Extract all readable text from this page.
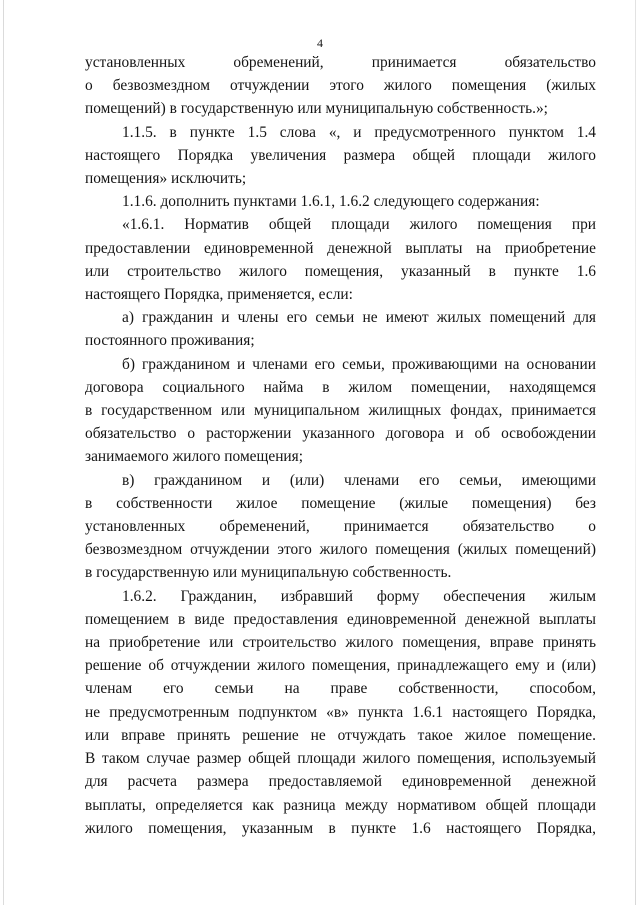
4
установленных обременений, принимается обязательство
о безвозмездном отчуждении этого жилого помещения (жилых
помещений) в государственную или муниципальную собственность.»;
1.1.5. в пункте 1.5 слова «, и предусмотренного пунктом 1.4
настоящего Порядка увеличения размера общей площади жилого
помещения» исключить;
1.1.6. дополнить пунктами 1.6.1, 1.6.2 следующего содержания:
«1.6.1. Норматив общей площади жилого помещения при
предоставлении единовременной денежной выплаты на приобретение
или строительство жилого помещения, указанный в пункте 1.6
настоящего Порядка, применяется, если:
а) гражданин и члены его семьи не имеют жилых помещений для
постоянного проживания;
б) гражданином и членами его семьи, проживающими на основании
договора социального найма в жилом помещении, находящемся
в государственном или муниципальном жилищных фондах, принимается
обязательство о расторжении указанного договора и об освобождении
занимаемого жилого помещения;
в) гражданином и (или) членами его семьи, имеющими
в собственности жилое помещение (жилые помещения) без
установленных обременений, принимается обязательство о
безвозмездном отчуждении этого жилого помещения (жилых помещений)
в государственную или муниципальную собственность.
1.6.2. Гражданин, избравший форму обеспечения жилым
помещением в виде предоставления единовременной денежной выплаты
на приобретение или строительство жилого помещения, вправе принять
решение об отчуждении жилого помещения, принадлежащего ему и (или)
членам его семьи на праве собственности, способом,
не предусмотренным подпунктом «в» пункта 1.6.1 настоящего Порядка,
или вправе принять решение не отчуждать такое жилое помещение.
В таком случае размер общей площади жилого помещения, используемый
для расчета размера предоставляемой единовременной денежной
выплаты, определяется как разница между нормативом общей площади
жилого помещения, указанным в пункте 1.6 настоящего Порядка,
